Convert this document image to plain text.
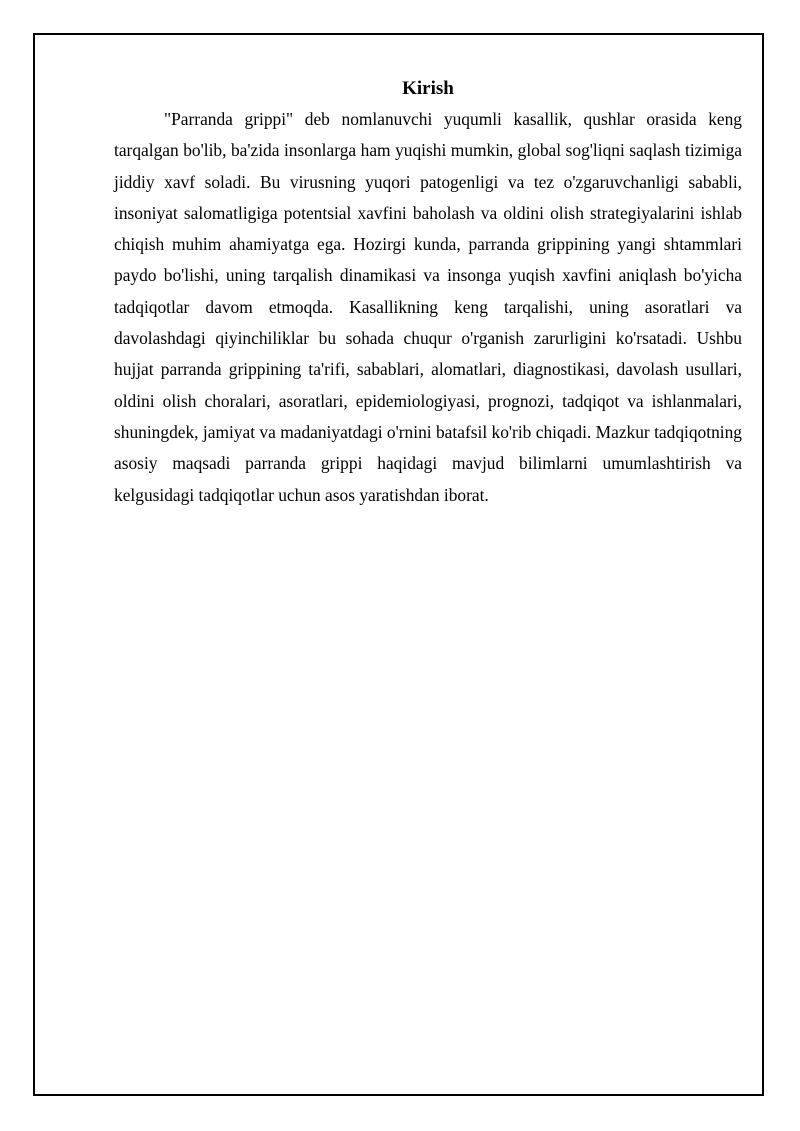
Kirish

"Parranda grippi" deb nomlanuvchi yuqumli kasallik, qushlar orasida keng tarqalgan bo'lib, ba'zida insonlarga ham yuqishi mumkin, global sog'liqni saqlash tizimiga jiddiy xavf soladi. Bu virusning yuqori patogenligi va tez o'zgaruvchanligi sababli, insoniyat salomatligiga potentsial xavfini baholash va oldini olish strategiyalarini ishlab chiqish muhim ahamiyatga ega. Hozirgi kunda, parranda grippining yangi shtammlari paydo bo'lishi, uning tarqalish dinamikasi va insonga yuqish xavfini aniqlash bo'yicha tadqiqotlar davom etmoqda. Kasallikning keng tarqalishi, uning asoratlari va davolashdagi qiyinchiliklar bu sohada chuqur o'rganish zarurligini ko'rsatadi. Ushbu hujjat parranda grippining ta'rifi, sabablari, alomatlari, diagnostikasi, davolash usullari, oldini olish choralari, asoratlari, epidemiologiyasi, prognozi, tadqiqot va ishlanmalari, shuningdek, jamiyat va madaniyatdagi o'rnini batafsil ko'rib chiqadi. Mazkur tadqiqotning asosiy maqsadi parranda grippi haqidagi mavjud bilimlarni umumlashtirish va kelgusidagi tadqiqotlar uchun asos yaratishdan iborat.
